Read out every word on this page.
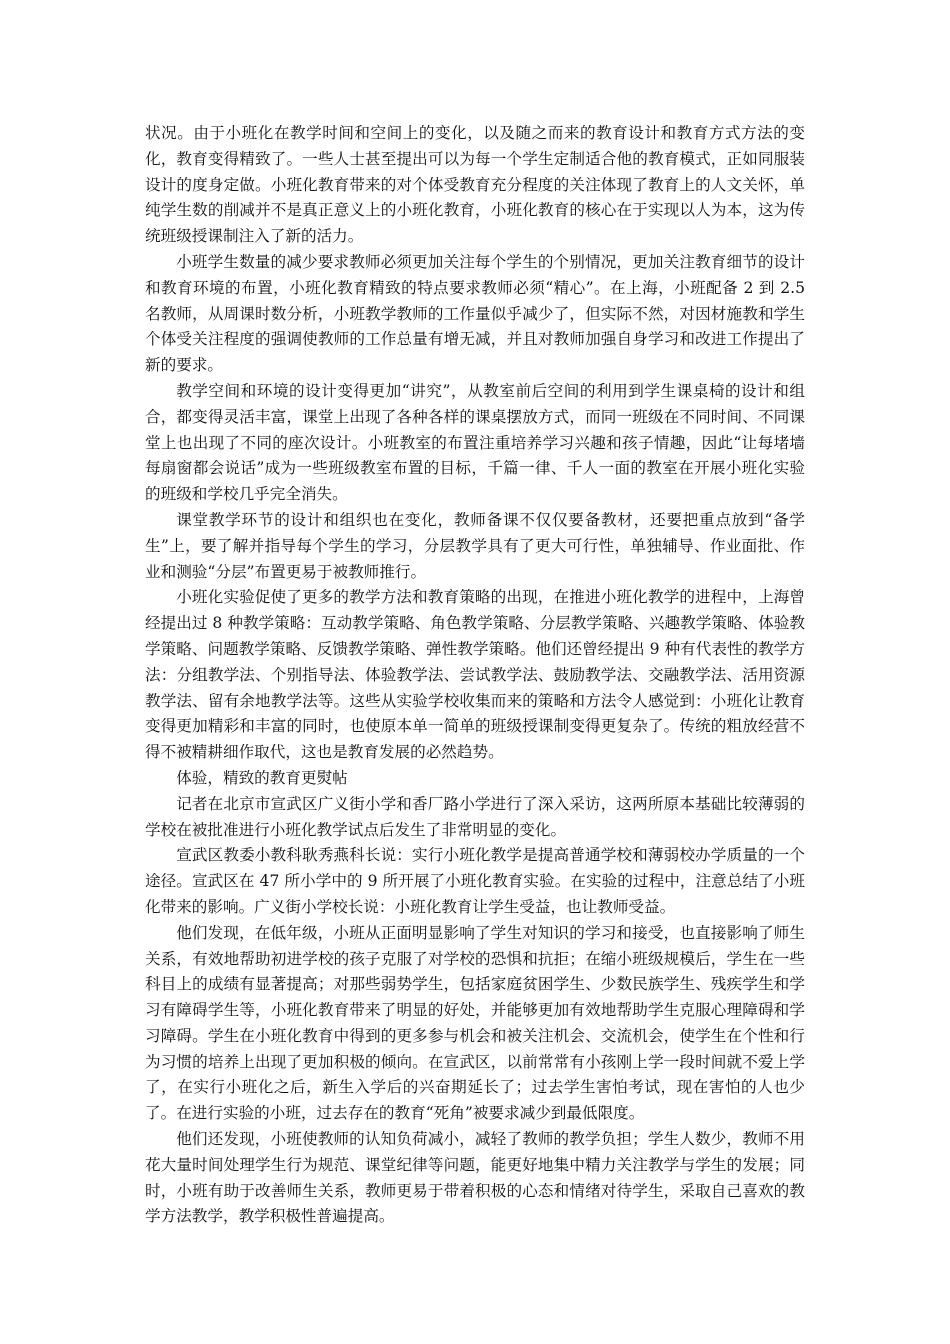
状况。由于小班化在教学时间和空间上的变化，以及随之而来的教育设计和教育方式方法的变化，教育变得精致了。一些人士甚至提出可以为每一个学生定制适合他的教育模式，正如同服装设计的度身定做。小班化教育带来的对个体受教育充分程度的关注体现了教育上的人文关怀，单纯学生数的削减并不是真正意义上的小班化教育，小班化教育的核心在于实现以人为本，这为传统班级授课制注入了新的活力。

小班学生数量的减少要求教师必须更加关注每个学生的个别情况，更加关注教育细节的设计和教育环境的布置，小班化教育精致的特点要求教师必须“精心”。在上海，小班配备 2 到 2.5 名教师，从周课时数分析，小班教学教师的工作量似乎减少了，但实际不然，对因材施教和学生个体受关注程度的强调使教师的工作总量有增无减，并且对教师加强自身学习和改进工作提出了新的要求。

教学空间和环境的设计变得更加“讲究”，从教室前后空间的利用到学生课桌椅的设计和组合，都变得灵活丰富，课堂上出现了各种各样的课桌摆放方式，而同一班级在不同时间、不同课堂上也出现了不同的座次设计。小班教室的布置注重培养学习兴趣和孩子情趣，因此“让每堵墙每扇窗都会说话”成为一些班级教室布置的目标，千篇一律、千人一面的教室在开展小班化实验的班级和学校几乎完全消失。

课堂教学环节的设计和组织也在变化，教师备课不仅仅要备教材，还要把重点放到“备学生”上，要了解并指导每个学生的学习，分层教学具有了更大可行性，单独辅导、作业面批、作业和测验“分层”布置更易于被教师推行。

小班化实验促使了更多的教学方法和教育策略的出现，在推进小班化教学的进程中，上海曾经提出过 8 种教学策略：互动教学策略、角色教学策略、分层教学策略、兴趣教学策略、体验教学策略、问题教学策略、反馈教学策略、弹性教学策略。他们还曾经提出 9 种有代表性的教学方法：分组教学法、个别指导法、体验教学法、尝试教学法、鼓励教学法、交融教学法、活用资源教学法、留有余地教学法等。这些从实验学校收集而来的策略和方法令人感觉到：小班化让教育变得更加精彩和丰富的同时，也使原本单一简单的班级授课制变得更复杂了。传统的粗放经营不得不被精耕细作取代，这也是教育发展的必然趋势。

体验，精致的教育更熨帖

记者在北京市宣武区广义街小学和香厂路小学进行了深入采访，这两所原本基础比较薄弱的学校在被批准进行小班化教学试点后发生了非常明显的变化。

宣武区教委小教科耿秀燕科长说：实行小班化教学是提高普通学校和薄弱校办学质量的一个途径。宣武区在 47 所小学中的 9 所开展了小班化教育实验。在实验的过程中，注意总结了小班化带来的影响。广义街小学校长说：小班化教育让学生受益，也让教师受益。

他们发现，在低年级，小班从正面明显影响了学生对知识的学习和接受，也直接影响了师生关系，有效地帮助初进学校的孩子克服了对学校的恐惧和抗拒；在缩小班级规模后，学生在一些科目上的成绩有显著提高；对那些弱势学生，包括家庭贫困学生、少数民族学生、残疾学生和学习有障碍学生等，小班化教育带来了明显的好处，并能够更加有效地帮助学生克服心理障碍和学习障碍。学生在小班化教育中得到的更多参与机会和被关注机会、交流机会，使学生在个性和行为习惯的培养上出现了更加积极的倾向。在宣武区，以前常常有小孩刚上学一段时间就不爱上学了，在实行小班化之后，新生入学后的兴奋期延长了；过去学生害怕考试，现在害怕的人也少了。在进行实验的小班，过去存在的教育“死角”被要求减少到最低限度。

他们还发现，小班使教师的认知负荷减小，减轻了教师的教学负担；学生人数少，教师不用花大量时间处理学生行为规范、课堂纪律等问题，能更好地集中精力关注教学与学生的发展；同时，小班有助于改善师生关系，教师更易于带着积极的心态和情绪对待学生，采取自己喜欢的教学方法教学，教学积极性普遍提高。
